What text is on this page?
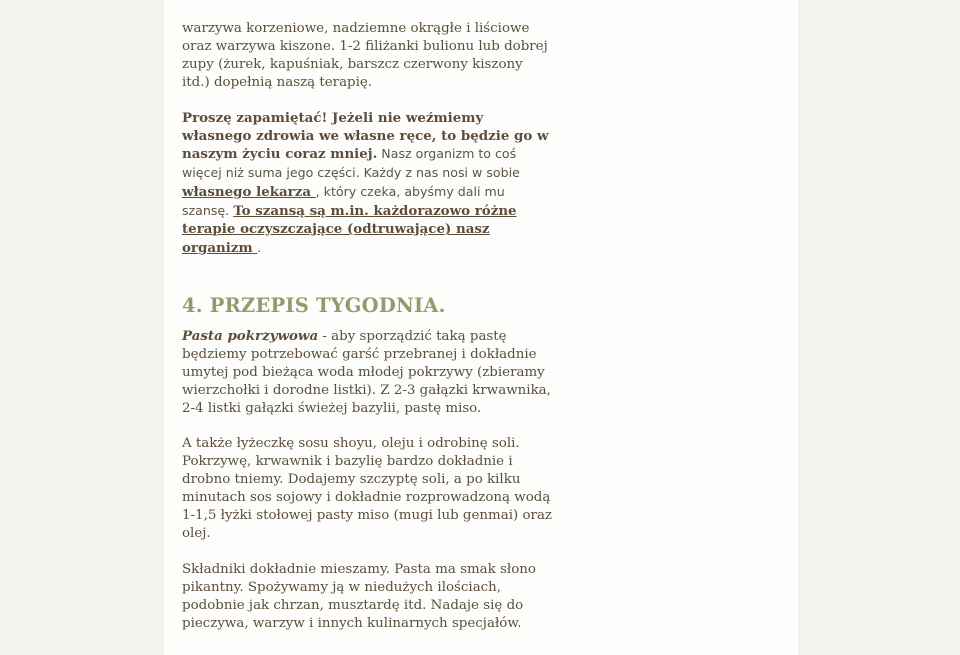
warzywa korzeniowe, nadziemne okrągłe i liściowe oraz warzywa kiszone. 1-2 filiżanki bulionu lub dobrej zupy (żurek, kapuśniak, barszcz czerwony kiszony itd.) dopełnią naszą terapię.

Proszę zapamiętać! Jeżeli nie weźmiemy własnego zdrowia we własne ręce, to będzie go w naszym życiu coraz mniej. Nasz organizm to coś więcej niż suma jego części. Każdy z nas nosi w sobie własnego lekarza , który czeka, abyśmy dali mu szansę. To szansą są m.in. każdorazowo różne terapie oczyszczające (odtruwające) nasz organizm .

4. PRZEPIS TYGODNIA.

Pasta pokrzywowa - aby sporządzić taką pastę będziemy potrzebować garść przebranej i dokładnie umytej pod bieżąca woda młodej pokrzywy (zbieramy wierzchołki i dorodne listki). Z 2-3 gałązki krwawnika, 2-4 listki gałązki świeżej bazylii, pastę miso.

A także łyżeczkę sosu shoyu, oleju i odrobinę soli. Pokrzywę, krwawnik i bazylię bardzo dokładnie i drobno tniemy. Dodajemy szczyptę soli, a po kilku minutach sos sojowy i dokładnie rozprowadzoną wodą 1-1,5 łyżki stołowej pasty miso (mugi lub genmai) oraz olej.

Składniki dokładnie mieszamy. Pasta ma smak słono pikantny. Spożywamy ją w niedużych ilościach, podobnie jak chrzan, musztardę itd. Nadaje się do pieczywa, warzyw i innych kulinarnych specjałów.
